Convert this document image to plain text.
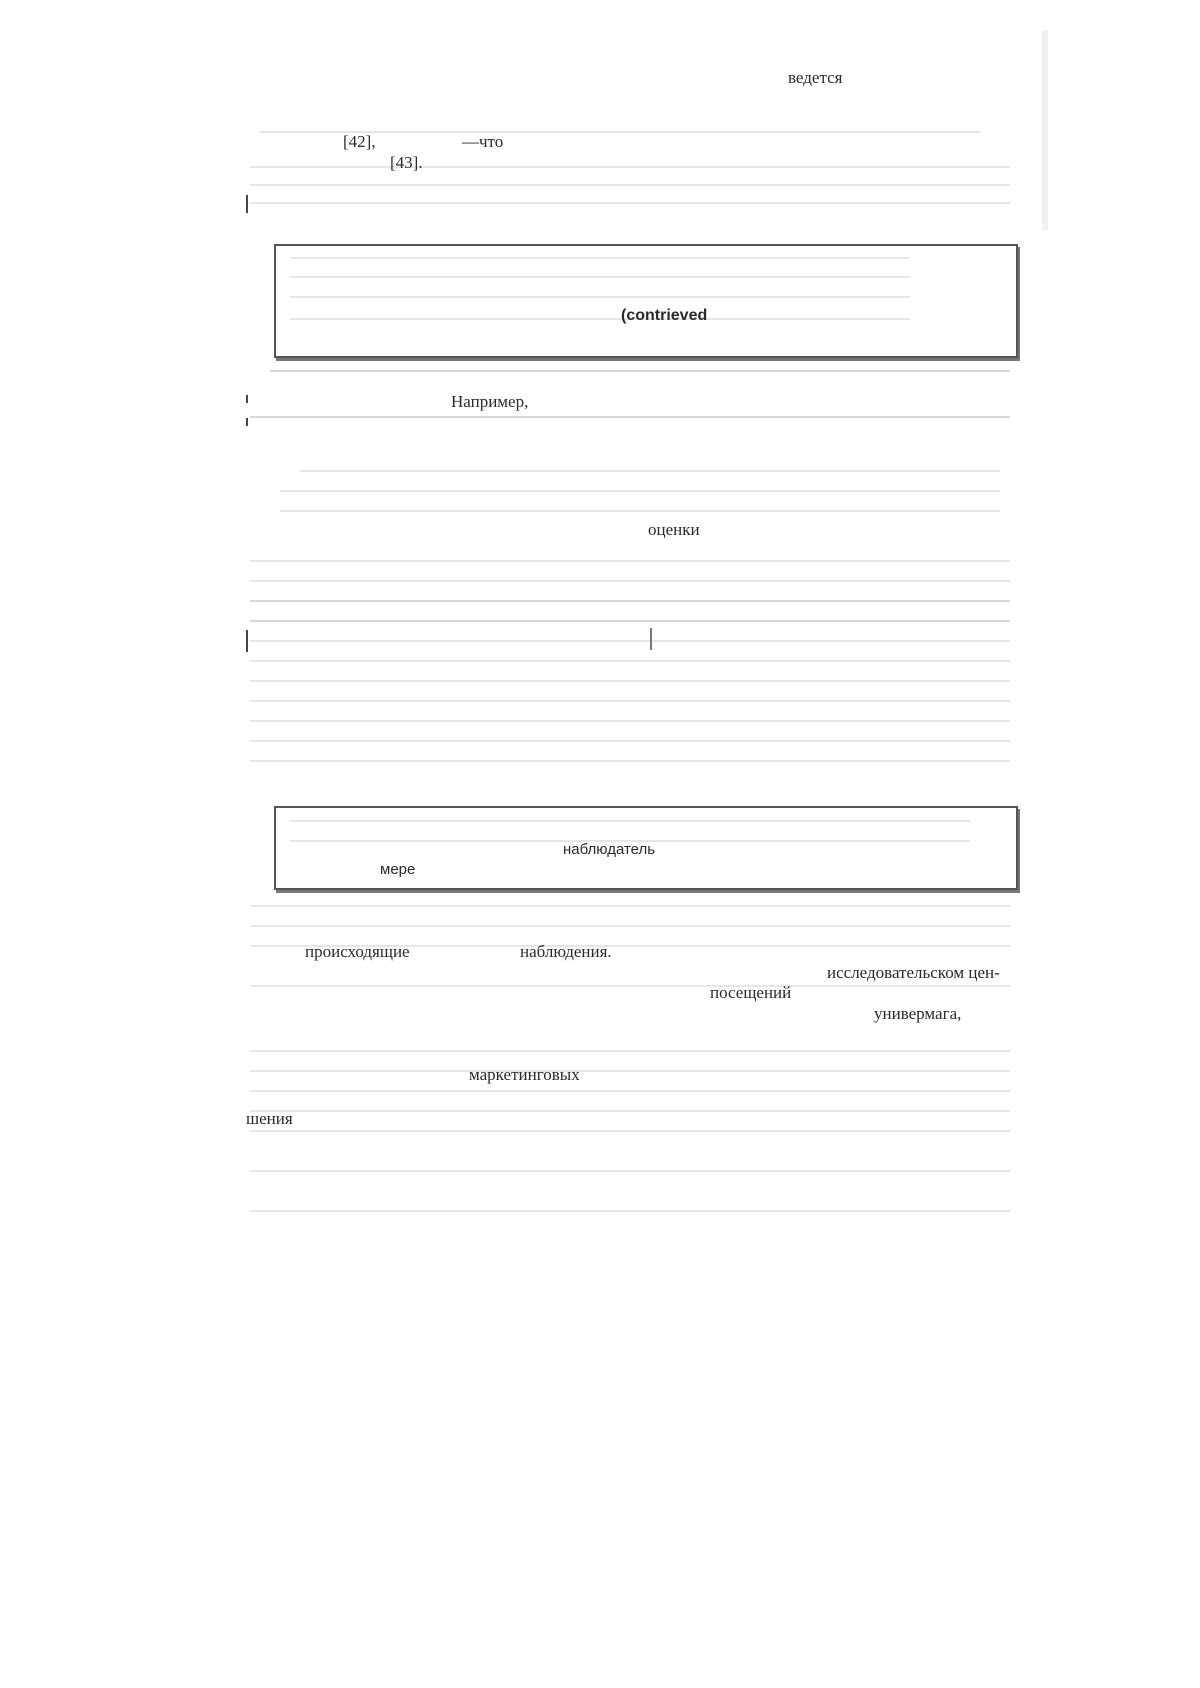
ведется
[42],	—что
[43].
(contrieved
Например,
оценки
наблюдатель
мере
происходящие	наблюдения.
исследовательском цен-
посещений
универмага,
маркетинговых
шения
